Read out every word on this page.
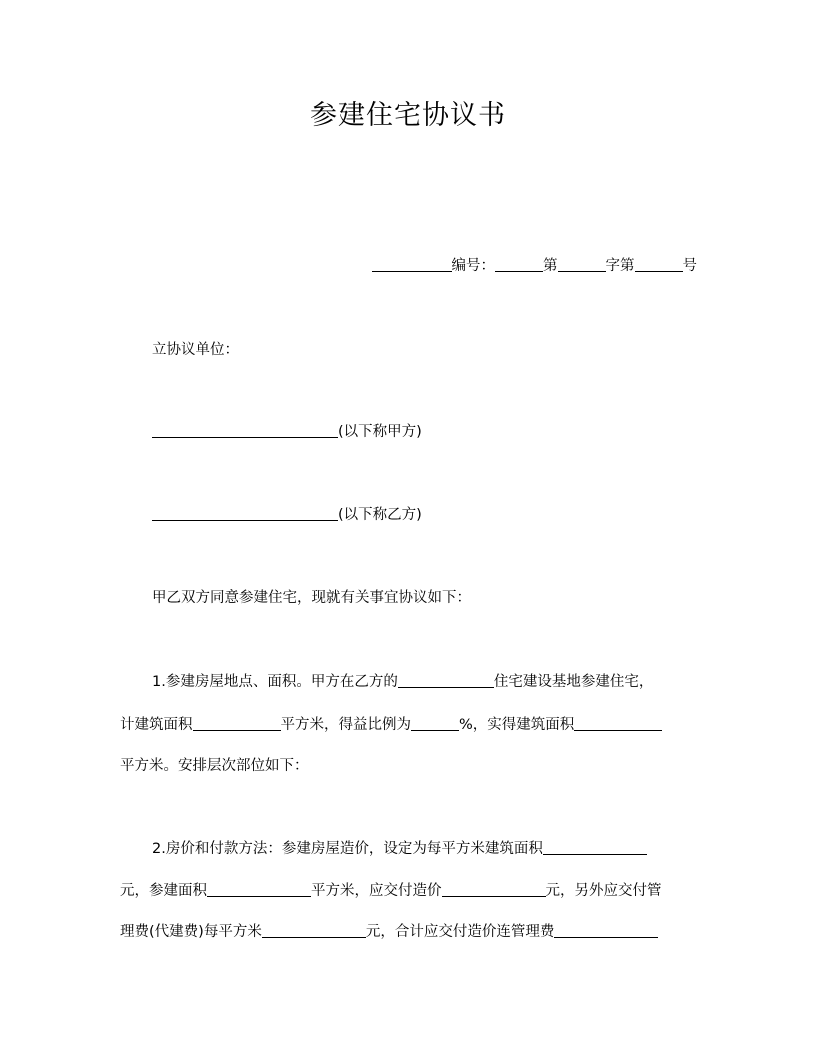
参建住宅协议书
编号：	第	字第	号
立协议单位：
(以下称甲方)
(以下称乙方)
甲乙双方同意参建住宅，现就有关事宜协议如下：
1.参建房屋地点、面积。甲方在乙方的	住宅建设基地参建住宅，
计建筑面积	平方米，得益比例为	%，实得建筑面积
平方米。安排层次部位如下：
2.房价和付款方法：参建房屋造价，设定为每平方米建筑面积
元，参建面积	平方米，应交付造价	元，另外应交付管
理费(代建费)每平方米	元，合计应交付造价连管理费
